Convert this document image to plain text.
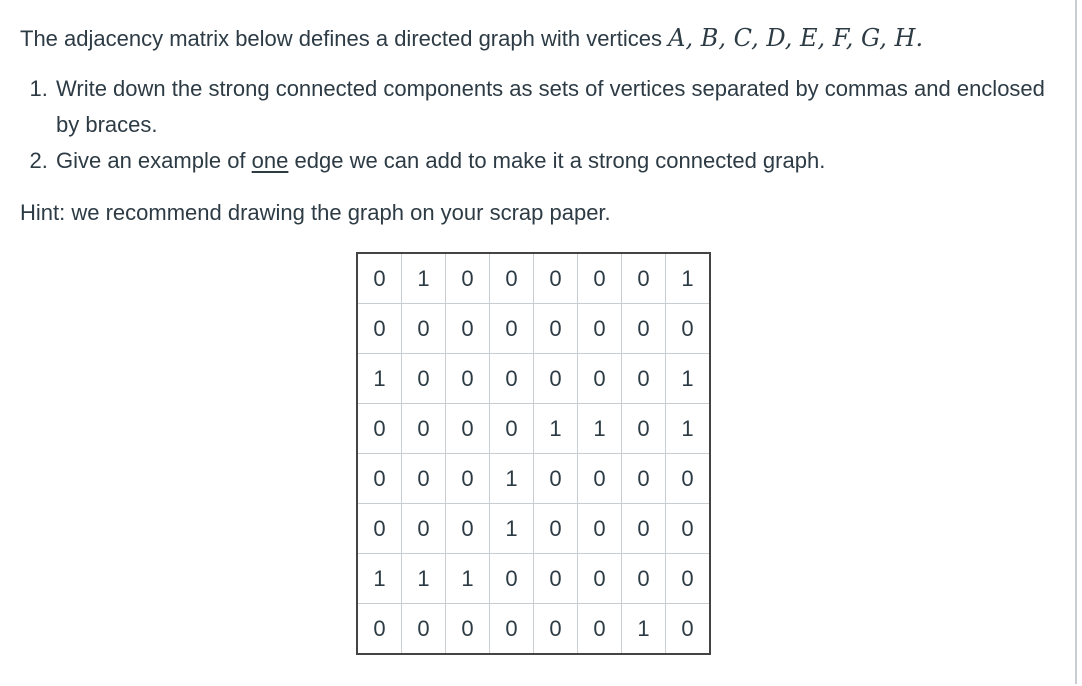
The adjacency matrix below defines a directed graph with vertices A, B, C, D, E, F, G, H.

1. Write down the strong connected components as sets of vertices separated by commas and enclosed by braces.
2. Give an example of one edge we can add to make it a strong connected graph.

Hint: we recommend drawing the graph on your scrap paper.

0	1	0	0	0	0	0	1
0	0	0	0	0	0	0	0
1	0	0	0	0	0	0	1
0	0	0	0	1	1	0	1
0	0	0	1	0	0	0	0
0	0	0	1	0	0	0	0
1	1	1	0	0	0	0	0
0	0	0	0	0	0	1	0
